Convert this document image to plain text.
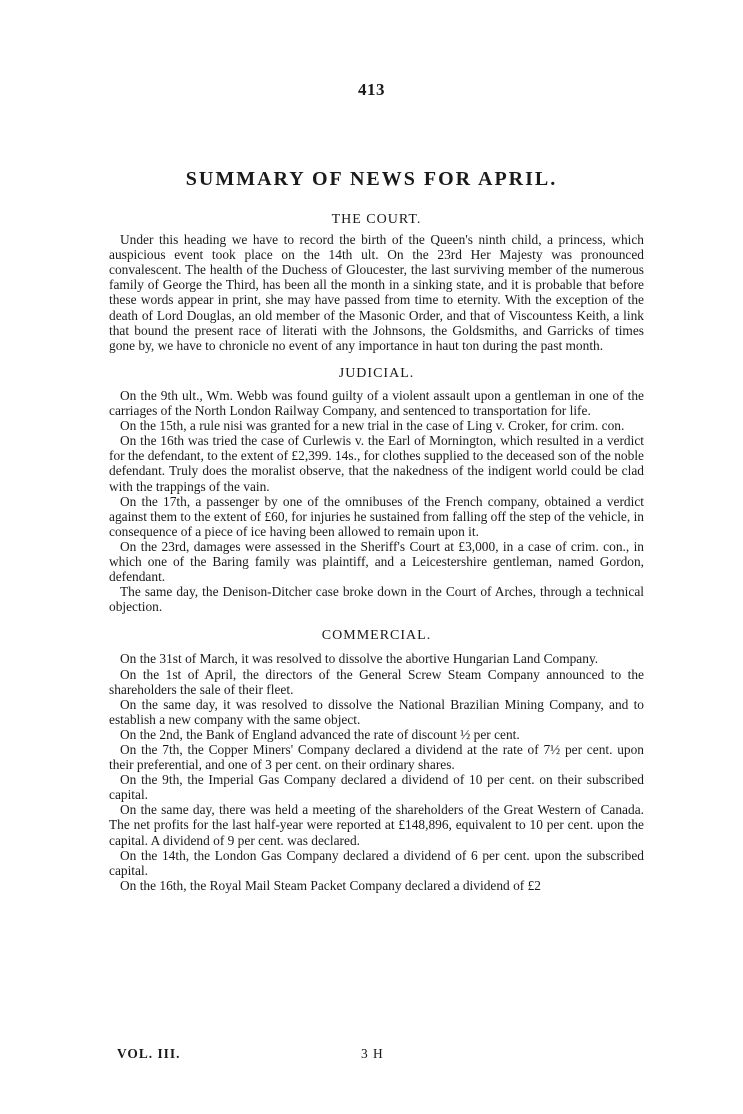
413
SUMMARY OF NEWS FOR APRIL.
THE COURT.

Under this heading we have to record the birth of the Queen's ninth child, a princess, which auspicious event took place on the 14th ult. On the 23rd Her Majesty was pronounced convalescent. The health of the Duchess of Gloucester, the last surviving member of the numerous family of George the Third, has been all the month in a sinking state, and it is probable that before these words appear in print, she may have passed from time to eternity. With the exception of the death of Lord Douglas, an old member of the Masonic Order, and that of Viscountess Keith, a link that bound the present race of literati with the Johnsons, the Goldsmiths, and Garricks of times gone by, we have to chronicle no event of any importance in haut ton during the past month.

JUDICIAL.

On the 9th ult., Wm. Webb was found guilty of a violent assault upon a gentleman in one of the carriages of the North London Railway Company, and sentenced to transportation for life.

On the 15th, a rule nisi was granted for a new trial in the case of Ling v. Croker, for crim. con.

On the 16th was tried the case of Curlewis v. the Earl of Mornington, which resulted in a verdict for the defendant, to the extent of £2,399. 14s., for clothes supplied to the deceased son of the noble defendant. Truly does the moralist observe, that the nakedness of the indigent world could be clad with the trappings of the vain.

On the 17th, a passenger by one of the omnibuses of the French company, obtained a verdict against them to the extent of £60, for injuries he sustained from falling off the step of the vehicle, in consequence of a piece of ice having been allowed to remain upon it.

On the 23rd, damages were assessed in the Sheriff's Court at £3,000, in a case of crim. con., in which one of the Baring family was plaintiff, and a Leicestershire gentleman, named Gordon, defendant.

The same day, the Denison-Ditcher case broke down in the Court of Arches, through a technical objection.

COMMERCIAL.

On the 31st of March, it was resolved to dissolve the abortive Hungarian Land Company.

On the 1st of April, the directors of the General Screw Steam Company announced to the shareholders the sale of their fleet.

On the same day, it was resolved to dissolve the National Brazilian Mining Company, and to establish a new company with the same object.

On the 2nd, the Bank of England advanced the rate of discount ½ per cent.

On the 7th, the Copper Miners' Company declared a dividend at the rate of 7½ per cent. upon their preferential, and one of 3 per cent. on their ordinary shares.

On the 9th, the Imperial Gas Company declared a dividend of 10 per cent. on their subscribed capital.

On the same day, there was held a meeting of the shareholders of the Great Western of Canada. The net profits for the last half-year were reported at £148,896, equivalent to 10 per cent. upon the capital. A dividend of 9 per cent. was declared.

On the 14th, the London Gas Company declared a dividend of 6 per cent. upon the subscribed capital.

On the 16th, the Royal Mail Steam Packet Company declared a dividend of £2

VOL. III.	3 H
